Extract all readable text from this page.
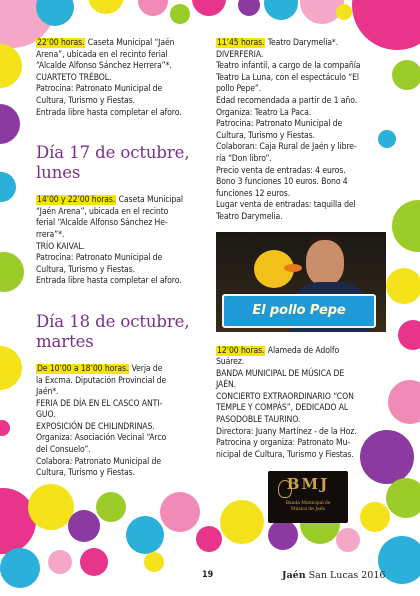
22’00 horas. Caseta Municipal “Jaén

Arena”, ubicada en el recinto ferial

“Alcalde Alfonso Sánchez Herrera”*.

CUARTETO TRÉBOL.

Patrocina: Patronato Municipal de

Cultura, Turismo y Fiestas.

Entrada libre hasta completar el aforo.

Día 17 de octubre,

lunes

14’00 y 22’00 horas. Caseta Municipal

“Jaén Arena”, ubicada en el recinto

ferial “Alcalde Alfonso Sánchez He-

rrera”*.

TRÍO KAIVAL.

Patrocina: Patronato Municipal de

Cultura, Turismo y Fiestas.

Entrada libre hasta completar el aforo.

Día 18 de octubre,

martes

De 10’00 a 18’00 horas. Verja de

la Excma. Diputación Provincial de

Jaén*.

FERIA DE DÍA EN EL CASCO ANTI-

GUO.

EXPOSICIÓN DE CHILINDRINAS.

Organiza: Asociación Vecinal “Arco

del Consuelo”.

Colabora: Patronato Municipal de

Cultura, Turismo y Fiestas.

11’45 horas. Teatro Darymelia*.

DIVERFERIA.

Teatro infantil, a cargo de la compañía

Teatro La Luna, con el espectáculo “El

pollo Pepe”.

Edad recomendada a partir de 1 año.

Organiza: Teatro La Paca.

Patrocina: Patronato Municipal de

Cultura, Turismo y Fiestas.

Colaboran: Caja Rural de Jaén y libre-

ría “Don libro”.

Precio venta de entradas: 4 euros.

Bono 3 funciones 10 euros. Bono 4

funciones 12 euros.

Lugar venta de entradas: taquilla del

Teatro Darymelia.

El pollo Pepe

12’00 horas. Alameda de Adolfo

Suárez.

BANDA MUNICIPAL DE MÚSICA DE

JAÉN.

CONCIERTO EXTRAORDINARIO “CON

TEMPLE Y COMPÁS”, DEDICADO AL

PASODOBLE TAURINO.

Directora: Juany Martínez - de la Hoz.

Patrocina y organiza: Patronato Mu-

nicipal de Cultura, Turismo y Fiestas.

BMJ
Banda Municipal de
Música de Jaén
19	Jaén San Lucas 2016
